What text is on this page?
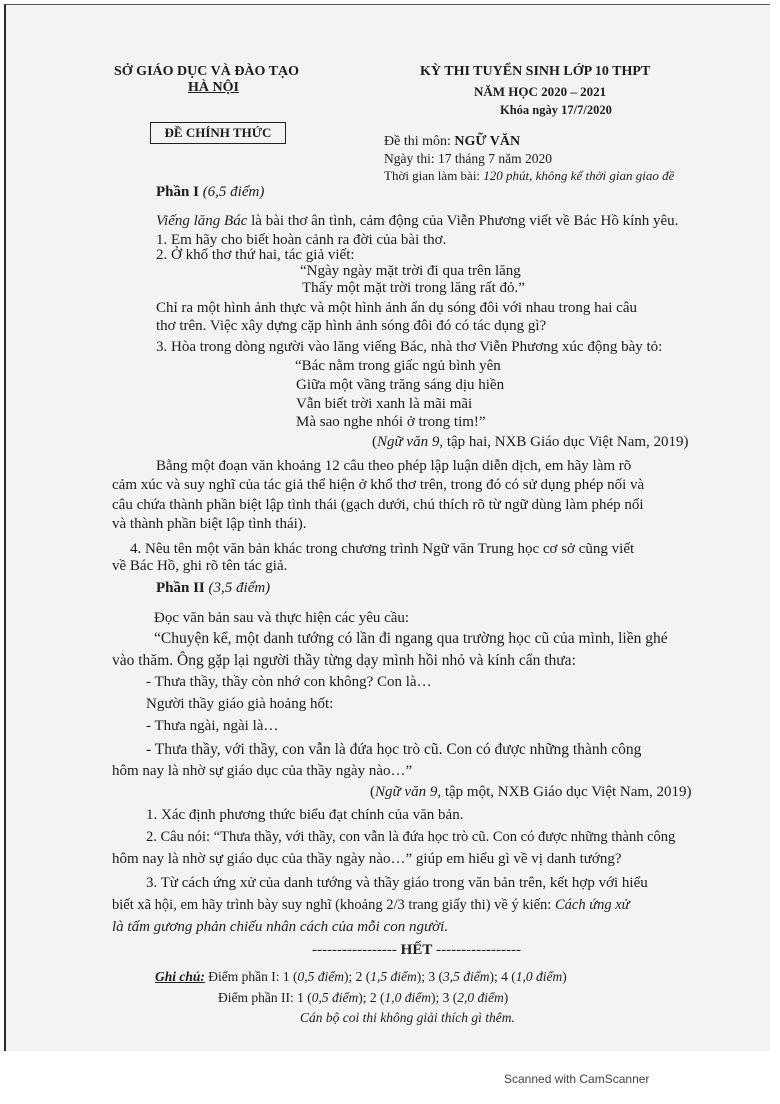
SỞ GIÁO DỤC VÀ ĐÀO TẠO
HÀ NỘI
KỲ THI TUYỂN SINH LỚP 10 THPT
NĂM HỌC 2020 – 2021
Khóa ngày 17/7/2020
ĐỀ CHÍNH THỨC
Đề thi môn: NGỮ VĂN
Ngày thi: 17 tháng 7 năm 2020
Thời gian làm bài: 120 phút, không kể thời gian giao đề
Phần I (6,5 điểm)
Viếng lăng Bác là bài thơ ân tình, cảm động của Viễn Phương viết về Bác Hồ kính yêu.
1. Em hãy cho biết hoàn cảnh ra đời của bài thơ.
2. Ở khổ thơ thứ hai, tác giả viết:
“Ngày ngày mặt trời đi qua trên lăng
Thấy một mặt trời trong lăng rất đỏ.”
Chỉ ra một hình ảnh thực và một hình ảnh ẩn dụ sóng đôi với nhau trong hai câu
thơ trên. Việc xây dựng cặp hình ảnh sóng đôi đó có tác dụng gì?
3. Hòa trong dòng người vào lăng viếng Bác, nhà thơ Viễn Phương xúc động bày tỏ:
“Bác nằm trong giấc ngủ bình yên
Giữa một vầng trăng sáng dịu hiền
Vẫn biết trời xanh là mãi mãi
Mà sao nghe nhói ở trong tim!”
(Ngữ văn 9, tập hai, NXB Giáo dục Việt Nam, 2019)
Bằng một đoạn văn khoảng 12 câu theo phép lập luận diễn dịch, em hãy làm rõ
cảm xúc và suy nghĩ của tác giả thể hiện ở khổ thơ trên, trong đó có sử dụng phép nối và
câu chứa thành phần biệt lập tình thái (gạch dưới, chú thích rõ từ ngữ dùng làm phép nối
và thành phần biệt lập tình thái).
4. Nêu tên một văn bản khác trong chương trình Ngữ văn Trung học cơ sở cũng viết
về Bác Hồ, ghi rõ tên tác giả.
Phần II (3,5 điểm)
Đọc văn bản sau và thực hiện các yêu cầu:
“Chuyện kể, một danh tướng có lần đi ngang qua trường học cũ của mình, liền ghé
vào thăm. Ông gặp lại người thầy từng dạy mình hồi nhỏ và kính cẩn thưa:
- Thưa thầy, thầy còn nhớ con không? Con là…
Người thầy giáo già hoảng hốt:
- Thưa ngài, ngài là…
- Thưa thầy, với thầy, con vẫn là đứa học trò cũ. Con có được những thành công
hôm nay là nhờ sự giáo dục của thầy ngày nào…”
(Ngữ văn 9, tập một, NXB Giáo dục Việt Nam, 2019)
1. Xác định phương thức biểu đạt chính của văn bản.
2. Câu nói: “Thưa thầy, với thầy, con vẫn là đứa học trò cũ. Con có được những thành công
hôm nay là nhờ sự giáo dục của thầy ngày nào…” giúp em hiểu gì về vị danh tướng?
3. Từ cách ứng xử của danh tướng và thầy giáo trong văn bản trên, kết hợp với hiểu
biết xã hội, em hãy trình bày suy nghĩ (khoảng 2/3 trang giấy thi) về ý kiến: Cách ứng xử
là tấm gương phản chiếu nhân cách của mỗi con người.
----------------- HẾT -----------------
Ghi chú: Điểm phần I: 1 (0,5 điểm); 2 (1,5 điểm); 3 (3,5 điểm); 4 (1,0 điểm)
Điểm phần II: 1 (0,5 điểm); 2 (1,0 điểm); 3 (2,0 điểm)
Cán bộ coi thi không giải thích gì thêm.
Scanned with CamScanner
